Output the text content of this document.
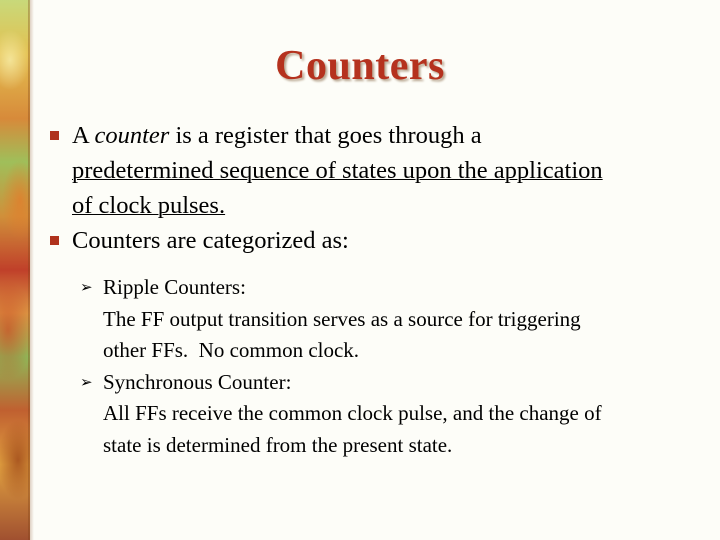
Counters
A counter is a register that goes through a
predetermined sequence of states upon the application
of clock pulses.
Counters are categorized as:
➢ Ripple Counters:
The FF output transition serves as a source for triggering
other FFs.  No common clock.
➢ Synchronous Counter:
All FFs receive the common clock pulse, and the change of
state is determined from the present state.
